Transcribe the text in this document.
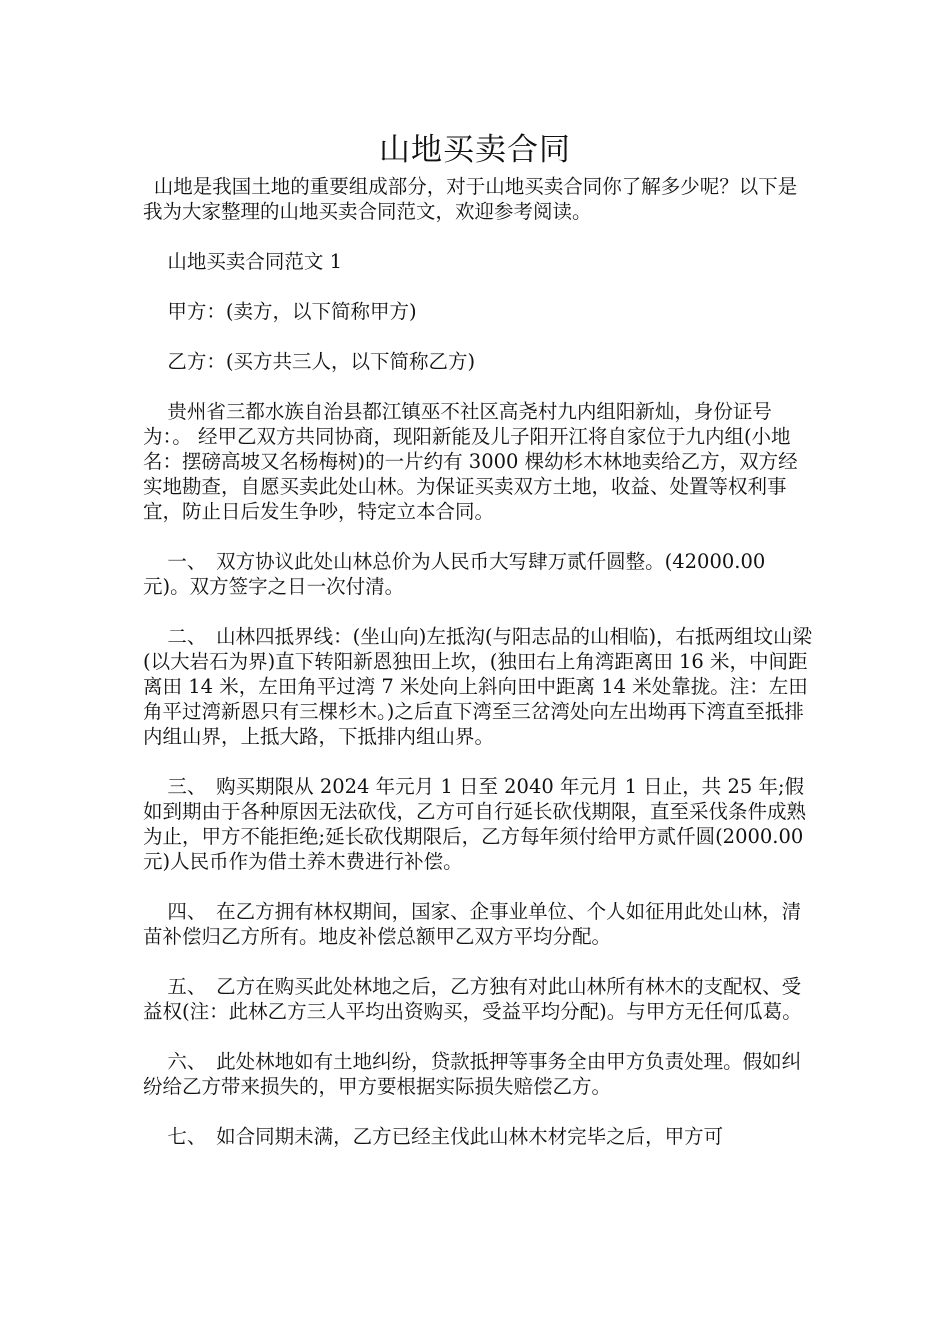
山地买卖合同

山地是我国土地的重要组成部分，对于山地买卖合同你了解多少呢？以下是我为大家整理的山地买卖合同范文，欢迎参考阅读。

山地买卖合同范文 1

甲方：(卖方，以下简称甲方)

乙方：(买方共三人，以下简称乙方)

贵州省三都水族自治县都江镇巫不社区高尧村九内组阳新灿，身份证号为：。 经甲乙双方共同协商，现阳新能及儿子阳开江将自家位于九内组(小地名：摆磅高坡又名杨梅树)的一片约有 3000 棵幼杉木林地卖给乙方，双方经实地勘查，自愿买卖此处山林。为保证买卖双方土地，收益、处置等权利事宜，防止日后发生争吵，特定立本合同。

一、　双方协议此处山林总价为人民币大写肆万贰仟圆整。(42000.00 元)。双方签字之日一次付清。

二、　山林四抵界线：(坐山向)左抵沟(与阳志品的山相临)，右抵两组坟山梁(以大岩石为界)直下转阳新恩独田上坎，(独田右上角湾距离田 16 米，中间距离田 14 米，左田角平过湾 7 米处向上斜向田中距离 14 米处靠拢。注：左田角平过湾新恩只有三棵杉木。)之后直下湾至三岔湾处向左出坳再下湾直至抵排内组山界，上抵大路，下抵排内组山界。

三、　购买期限从 2024 年元月 1 日至 2040 年元月 1 日止，共 25 年;假如到期由于各种原因无法砍伐，乙方可自行延长砍伐期限，直至采伐条件成熟为止，甲方不能拒绝;延长砍伐期限后，乙方每年须付给甲方贰仟圆(2000.00 元)人民币作为借土养木费进行补偿。

四、　在乙方拥有林权期间，国家、企事业单位、个人如征用此处山林，清苗补偿归乙方所有。地皮补偿总额甲乙双方平均分配。

五、　乙方在购买此处林地之后，乙方独有对此山林所有林木的支配权、受益权(注：此林乙方三人平均出资购买，受益平均分配)。与甲方无任何瓜葛。

六、　此处林地如有土地纠纷，贷款抵押等事务全由甲方负责处理。假如纠纷给乙方带来损失的，甲方要根据实际损失赔偿乙方。

七、　如合同期未满，乙方已经主伐此山林木材完毕之后，甲方可
